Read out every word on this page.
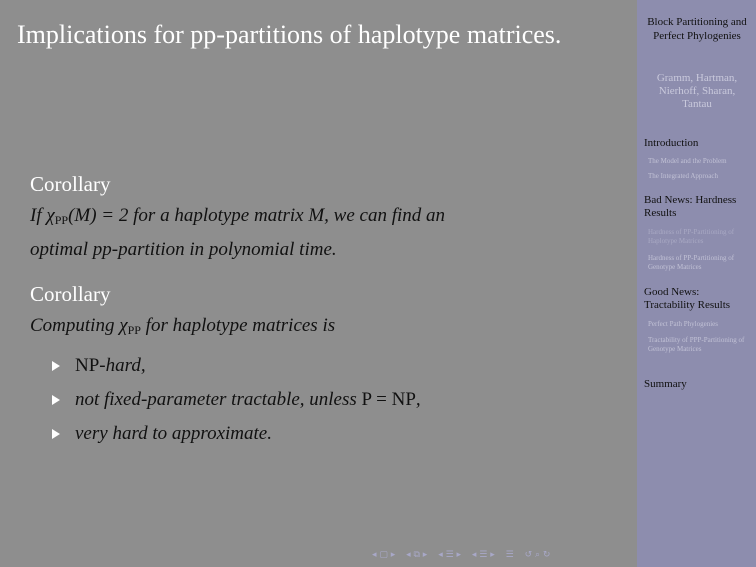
Implications for pp-partitions of haplotype matrices.
Corollary
If $\chi_{PP}(M) = 2$ for a haplotype matrix M, we can find an
optimal pp-partition in polynomial time.
Corollary
Computing $\chi_{PP}$ for haplotype matrices is
NP-hard,
not fixed-parameter tractable, unless P = NP,
very hard to approximate.
◂ ▢ ▸ ◂ ⧉ ▸ ◂ ☰ ▸ ◂ ☰ ▸ ☰ ↺ ⌕ ↻
Block Partitioning and Perfect Phylogenies
Gramm, Hartman, Nierhoff, Sharan, Tantau
Introduction
The Model and the Problem
The Integrated Approach
Bad News: Hardness Results
Hardness of PP-Partitioning of Haplotype Matrices
Hardness of PP-Partitioning of Genotype Matrices
Good News: Tractability Results
Perfect Path Phylogenies
Tractability of PPP-Partitioning of Genotype Matrices
Summary
